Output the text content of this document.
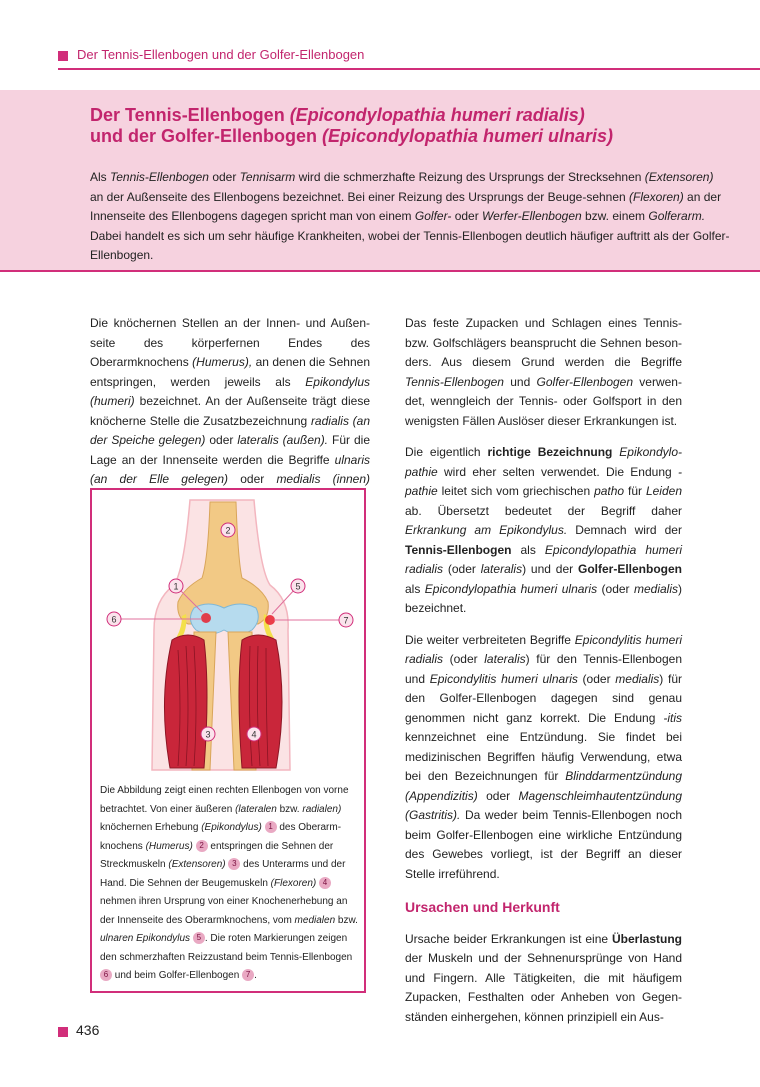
Der Tennis-Ellenbogen und der Golfer-Ellenbogen
Der Tennis-Ellenbogen (Epicondylopathia humeri radialis)
und der Golfer-Ellenbogen (Epicondylopathia humeri ulnaris)
Als Tennis-Ellenbogen oder Tennisarm wird die schmerzhafte Reizung des Ursprungs der Strecksehnen (Extensoren) an der Außenseite des Ellenbogens bezeichnet. Bei einer Reizung des Ursprungs der Beuge-sehnen (Flexoren) an der Innenseite des Ellenbogens dagegen spricht man von einem Golfer- oder Werfer-Ellenbogen bzw. einem Golferarm. Dabei handelt es sich um sehr häufige Krankheiten, wobei der Tennis-Ellenbogen deutlich häufiger auftritt als der Golfer-Ellenbogen.

Die knöchernen Stellen an der Innen- und Außenseite des körperfernen Endes des Oberarmknochens (Humerus), an denen die Sehnen entspringen, werden jeweils als Epikondylus (humeri) bezeichnet. An der Außenseite trägt diese knöcherne Stelle die Zusatzbezeichnung radialis (an der Speiche gelegen) oder lateralis (außen). Für die Lage an der Innenseite werden die Begriffe ulnaris (an der Elle gelegen) oder medialis (innen)

1
2
3	4
5
6	7
Die Abbildung zeigt einen rechten Ellenbogen von vorne betrachtet. Von einer äußeren (lateralen bzw. radialen) knöchernen Erhebung (Epikondylus) 1 des Oberarmknochens (Humerus) 2 entspringen die Sehnen der Streckmuskeln (Extensoren) 3 des Unterarms und der Hand. Die Sehnen der Beugemuskeln (Flexoren) 4 nehmen ihren Ursprung von einer Knochenerhebung an der Innenseite des Oberarmknochens, vom medialen bzw. ulnaren Epikondylus 5 . Die roten Markierungen zeigen den schmerzhaften Reizzustand beim Tennis-Ellenbogen 6 und beim Golfer-Ellenbogen 7 .

Das feste Zupacken und Schlagen eines Tennis- bzw. Golfschlägers beansprucht die Sehnen besonders. Aus diesem Grund werden die Begriffe Tennis-Ellenbogen und Golfer-Ellenbogen verwendet, wenngleich der Tennis- oder Golfsport in den wenigsten Fällen Auslöser dieser Erkrankungen ist.

Die eigentlich richtige Bezeichnung Epikondylopathie wird eher selten verwendet. Die Endung -pathie leitet sich vom griechischen patho für Leiden ab. Übersetzt bedeutet der Begriff daher Erkrankung am Epikondylus. Demnach wird der Tennis-Ellenbogen als Epicondylopathia humeri radialis (oder lateralis) und der Golfer-Ellenbogen als Epicondylopathia humeri ulnaris (oder medialis) bezeichnet.

Die weiter verbreiteten Begriffe Epicondylitis humeri radialis (oder lateralis) für den Tennis-Ellenbogen und Epicondylitis humeri ulnaris (oder medialis) für den Golfer-Ellenbogen dagegen sind genau genommen nicht ganz korrekt. Die Endung -itis kennzeichnet eine Entzündung. Sie findet bei medizinischen Begriffen häufig Verwendung, etwa bei den Bezeichnungen für Blinddarmentzündung (Appendizitis) oder Magenschleimhautentzündung (Gastritis). Da weder beim Tennis-Ellenbogen noch beim Golfer-Ellenbogen eine wirkliche Entzündung des Gewebes vorliegt, ist der Begriff an dieser Stelle irreführend.

Ursachen und Herkunft

Ursache beider Erkrankungen ist eine Überlastung der Muskeln und der Sehnenursprünge von Hand und Fingern. Alle Tätigkeiten, die mit häufigem Zupacken, Festhalten oder Anheben von Gegenständen einhergehen, können prinzipiell ein Aus-

436
